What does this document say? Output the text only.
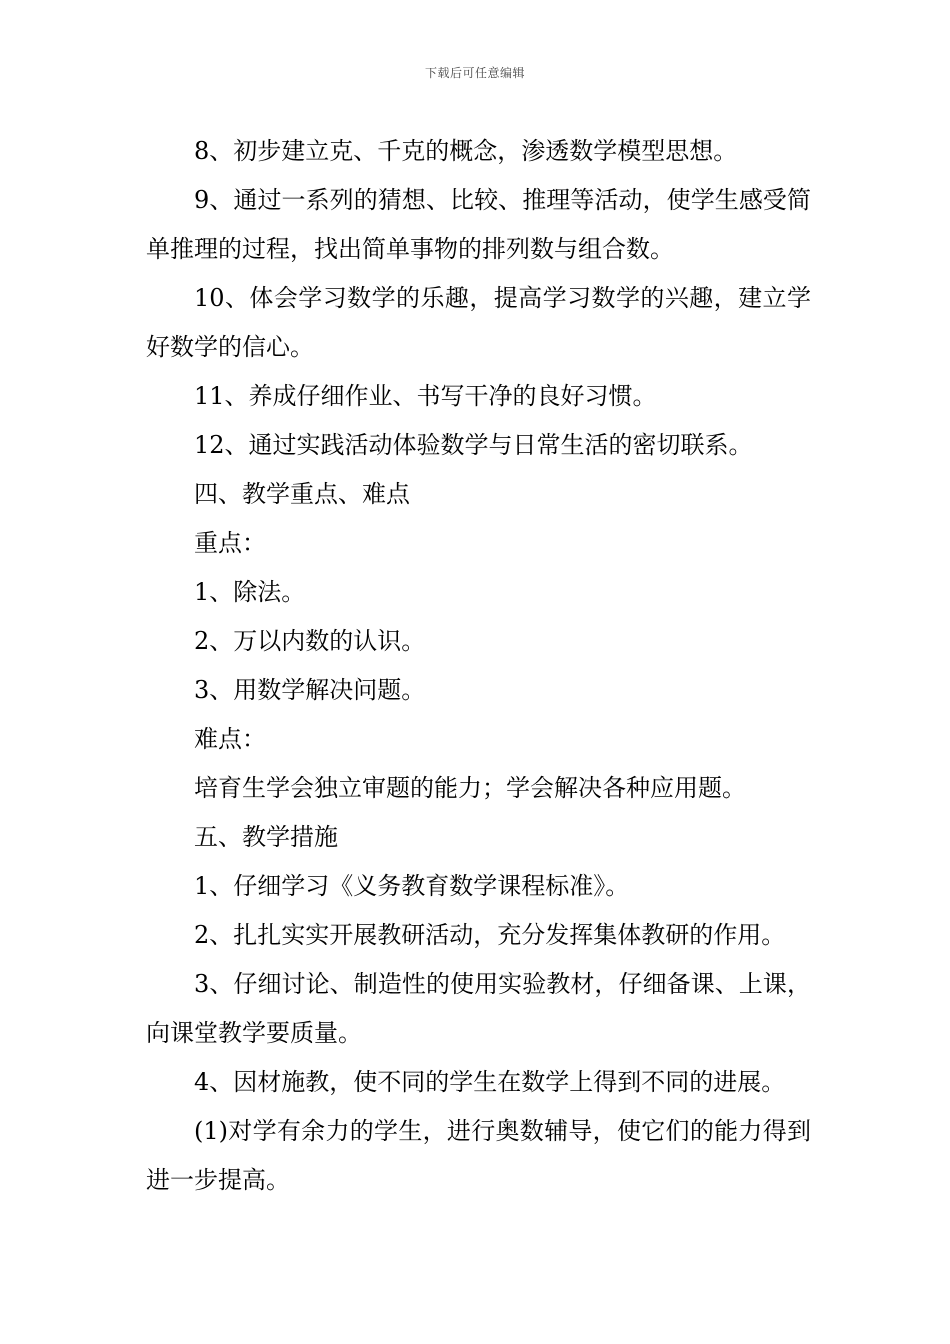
下载后可任意编辑

8、初步建立克、千克的概念，渗透数学模型思想。

9、通过一系列的猜想、比较、推理等活动，使学生感受简单推理的过程，找出简单事物的排列数与组合数。

10、体会学习数学的乐趣，提高学习数学的兴趣，建立学好数学的信心。

11、养成仔细作业、书写干净的良好习惯。

12、通过实践活动体验数学与日常生活的密切联系。

四、教学重点、难点

重点：

1、除法。

2、万以内数的认识。

3、用数学解决问题。

难点：

培育生学会独立审题的能力；学会解决各种应用题。

五、教学措施

1、仔细学习《义务教育数学课程标准》。

2、扎扎实实开展教研活动，充分发挥集体教研的作用。

3、仔细讨论、制造性的使用实验教材，仔细备课、上课，向课堂教学要质量。

4、因材施教，使不同的学生在数学上得到不同的进展。

(1)对学有余力的学生，进行奥数辅导，使它们的能力得到进一步提高。
